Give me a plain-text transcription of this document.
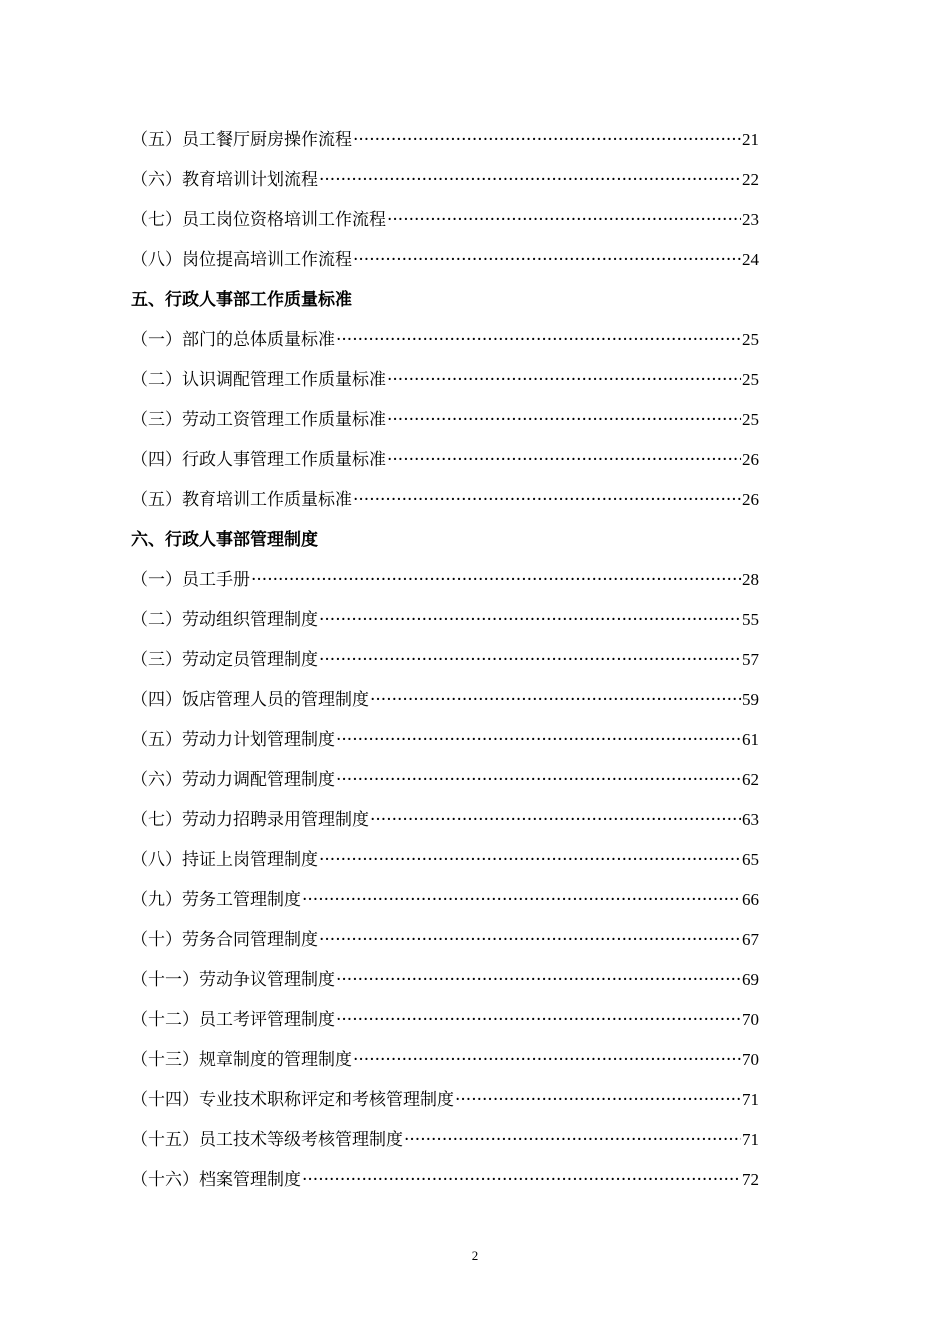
（五）员工餐厅厨房操作流程 ·····	21
（六）教育培训计划流程 ·····	22
（七）员工岗位资格培训工作流程 ·····	23
（八）岗位提高培训工作流程 ·····	24
五、行政人事部工作质量标准
（一）部门的总体质量标准 ·····	25
（二）认识调配管理工作质量标准 ·····	25
（三）劳动工资管理工作质量标准 ·····	25
（四）行政人事管理工作质量标准 ·····	26
（五）教育培训工作质量标准 ·····	26
六、行政人事部管理制度
（一）员工手册 ·····	28
（二）劳动组织管理制度 ·····	55
（三）劳动定员管理制度 ·····	57
（四）饭店管理人员的管理制度 ·····	59
（五）劳动力计划管理制度 ·····	61
（六）劳动力调配管理制度 ·····	62
（七）劳动力招聘录用管理制度 ·····	63
（八）持证上岗管理制度 ·····	65
（九）劳务工管理制度 ·····	66
（十）劳务合同管理制度 ·····	67
（十一）劳动争议管理制度 ·····	69
（十二）员工考评管理制度 ·····	70
（十三）规章制度的管理制度 ·····	70
（十四）专业技术职称评定和考核管理制度 ·····	71
（十五）员工技术等级考核管理制度 ·····	71
（十六）档案管理制度 ·····	72
2
